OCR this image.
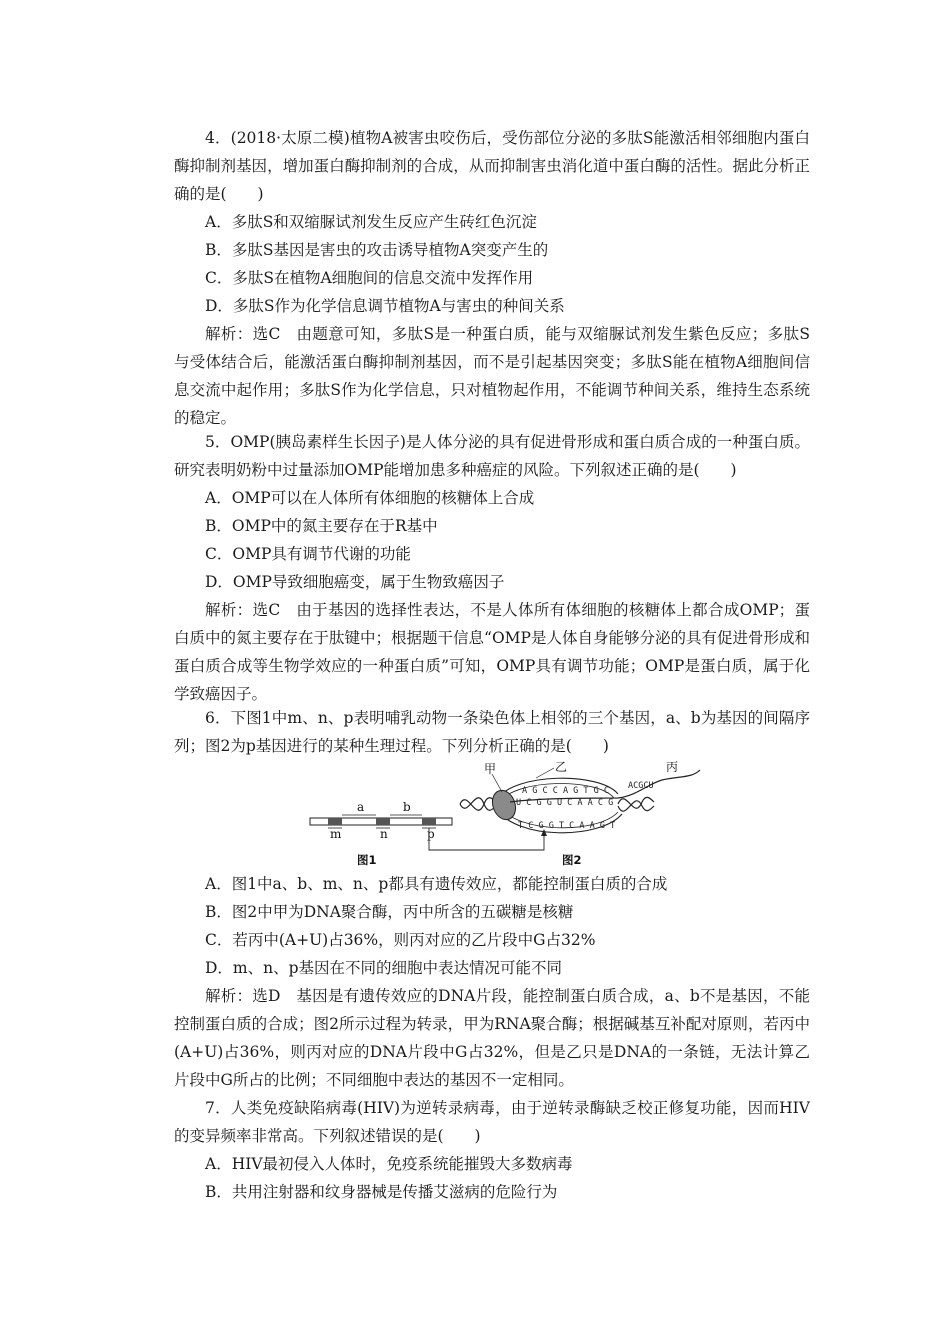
4．(2018·太原二模)植物A被害虫咬伤后，受伤部位分泌的多肽S能激活相邻细胞内蛋白酶抑制剂基因，增加蛋白酶抑制剂的合成，从而抑制害虫消化道中蛋白酶的活性。据此分析正确的是(　　)

A．多肽S和双缩脲试剂发生反应产生砖红色沉淀

B．多肽S基因是害虫的攻击诱导植物A突变产生的

C．多肽S在植物A细胞间的信息交流中发挥作用

D．多肽S作为化学信息调节植物A与害虫的种间关系

解析：选C　由题意可知，多肽S是一种蛋白质，能与双缩脲试剂发生紫色反应；多肽S与受体结合后，能激活蛋白酶抑制剂基因，而不是引起基因突变；多肽S能在植物A细胞间信息交流中起作用；多肽S作为化学信息，只对植物起作用，不能调节种间关系，维持生态系统的稳定。

5．OMP(胰岛素样生长因子)是人体分泌的具有促进骨形成和蛋白质合成的一种蛋白质。研究表明奶粉中过量添加OMP能增加患多种癌症的风险。下列叙述正确的是(　　)

A．OMP可以在人体所有体细胞的核糖体上合成

B．OMP中的氮主要存在于R基中

C．OMP具有调节代谢的功能

D．OMP导致细胞癌变，属于生物致癌因子

解析：选C　由于基因的选择性表达，不是人体所有体细胞的核糖体上都合成OMP；蛋白质中的氮主要存在于肽键中；根据题干信息“OMP是人体自身能够分泌的具有促进骨形成和蛋白质合成等生物学效应的一种蛋白质”可知，OMP具有调节功能；OMP是蛋白质，属于化学致癌因子。

6．下图1中m、n、p表明哺乳动物一条染色体上相邻的三个基因，a、b为基因的间隔序列；图2为p基因进行的某种生理过程。下列分析正确的是(　　)

a	b
m	n	p
图1
A G C C A G T G C
U C G G U C A A C G
T C G G T C A A G T
ACGCU
甲	乙	丙
图2

A．图1中a、b、m、n、p都具有遗传效应，都能控制蛋白质的合成

B．图2中甲为DNA聚合酶，丙中所含的五碳糖是核糖

C．若丙中(A+U)占36%，则丙对应的乙片段中G占32%

D．m、n、p基因在不同的细胞中表达情况可能不同

解析：选D　基因是有遗传效应的DNA片段，能控制蛋白质合成，a、b不是基因，不能控制蛋白质的合成；图2所示过程为转录，甲为RNA聚合酶；根据碱基互补配对原则，若丙中(A+U)占36%，则丙对应的DNA片段中G占32%，但是乙只是DNA的一条链，无法计算乙片段中G所占的比例；不同细胞中表达的基因不一定相同。

7．人类免疫缺陷病毒(HIV)为逆转录病毒，由于逆转录酶缺乏校正修复功能，因而HIV的变异频率非常高。下列叙述错误的是(　　)

A．HIV最初侵入人体时，免疫系统能摧毁大多数病毒

B．共用注射器和纹身器械是传播艾滋病的危险行为
